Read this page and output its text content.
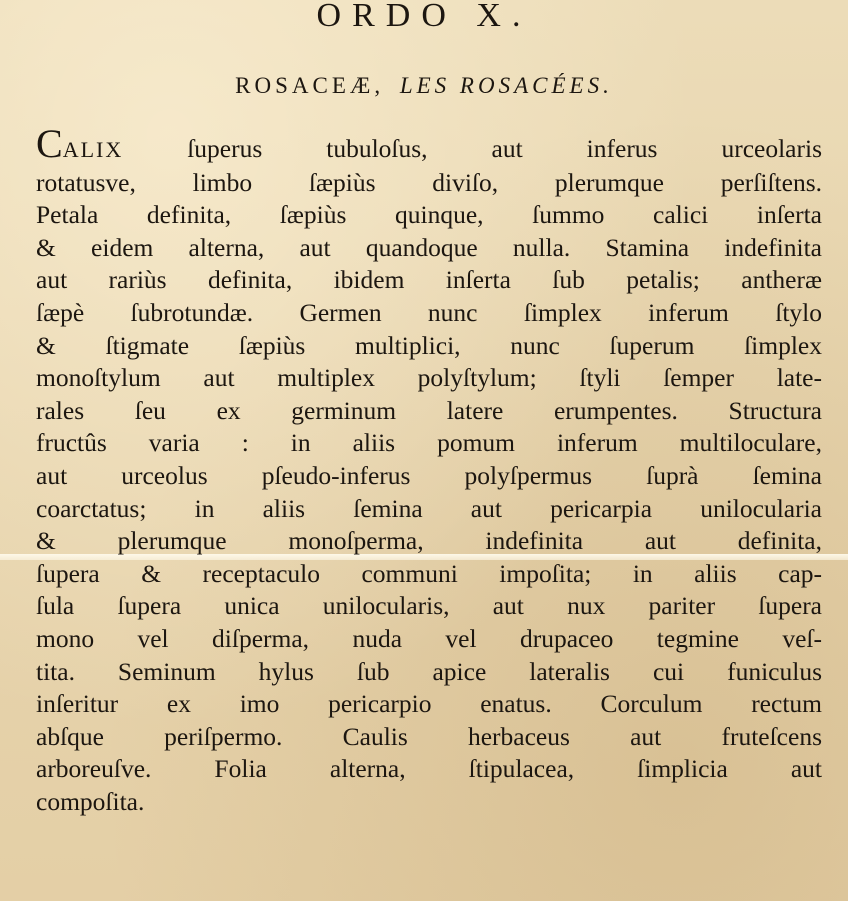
ORDO X.
ROSACEÆ, LES ROSACÉES.
CALIX ſuperus tubuloſus, aut inferus urceolaris
rotatusve, limbo ſæpiùs diviſo, plerumque perſiſtens.
Petala definita, ſæpiùs quinque, ſummo calici inſerta
& eidem alterna, aut quandoque nulla. Stamina indefinita
aut rariùs definita, ibidem inſerta ſub petalis; antheræ
ſæpè ſubrotundæ. Germen nunc ſimplex inferum ſtylo
& ſtigmate ſæpiùs multiplici, nunc ſuperum ſimplex
monoſtylum aut multiplex polyſtylum; ſtyli ſemper late-
rales ſeu ex germinum latere erumpentes. Structura
fructûs varia : in aliis pomum inferum multiloculare,
aut urceolus pſeudo-inferus polyſpermus ſuprà ſemina
coarctatus; in aliis ſemina aut pericarpia unilocularia
& plerumque monoſperma, indefinita aut definita,
ſupera & receptaculo communi impoſita; in aliis cap-
ſula ſupera unica unilocularis, aut nux pariter ſupera
mono vel diſperma, nuda vel drupaceo tegmine veſ-
tita. Seminum hylus ſub apice lateralis cui funiculus
inſeritur ex imo pericarpio enatus. Corculum rectum
abſque periſpermo. Caulis herbaceus aut fruteſcens
arboreuſve. Folia alterna, ſtipulacea, ſimplicia aut
compoſita.
